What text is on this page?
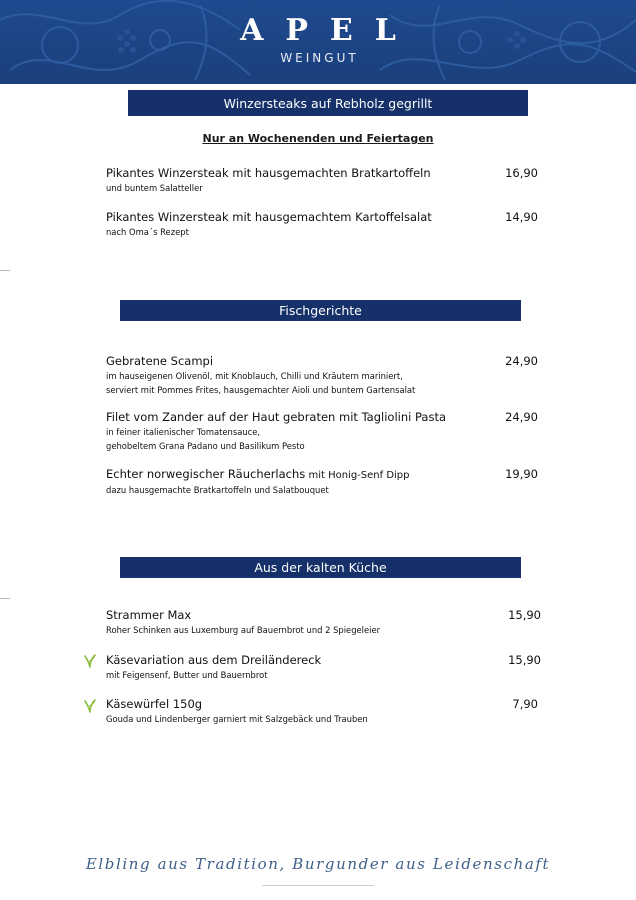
APEL
WEINGUT
Winzersteaks auf Rebholz gegrillt
Nur an Wochenenden und Feiertagen
Pikantes Winzersteak mit hausgemachten Bratkartoffeln
und buntem Salatteller
16,90
Pikantes Winzersteak mit hausgemachtem Kartoffelsalat
nach Oma´s Rezept
14,90
Fischgerichte
Gebratene Scampi
im hauseigenen Olivenöl, mit Knoblauch, Chilli und Kräutern mariniert,
serviert mit Pommes Frites, hausgemachter Aioli und buntem Gartensalat
24,90
Filet vom Zander auf der Haut gebraten mit Tagliolini Pasta
in feiner italienischer Tomatensauce,
gehobeltem Grana Padano und Basilikum Pesto
24,90
Echter norwegischer Räucherlachs mit Honig-Senf Dipp
dazu hausgemachte Bratkartoffeln und Salatbouquet
19,90
Aus der kalten Küche
Strammer Max
Roher Schinken aus Luxemburg auf Bauernbrot und 2 Spiegeleier
15,90
Käsevariation aus dem Dreiländereck
mit Feigensenf, Butter und Bauernbrot
15,90
Käsewürfel 150g
Gouda und Lindenberger garniert mit Salzgebäck und Trauben
7,90
Elbling aus Tradition, Burgunder aus Leidenschaft
